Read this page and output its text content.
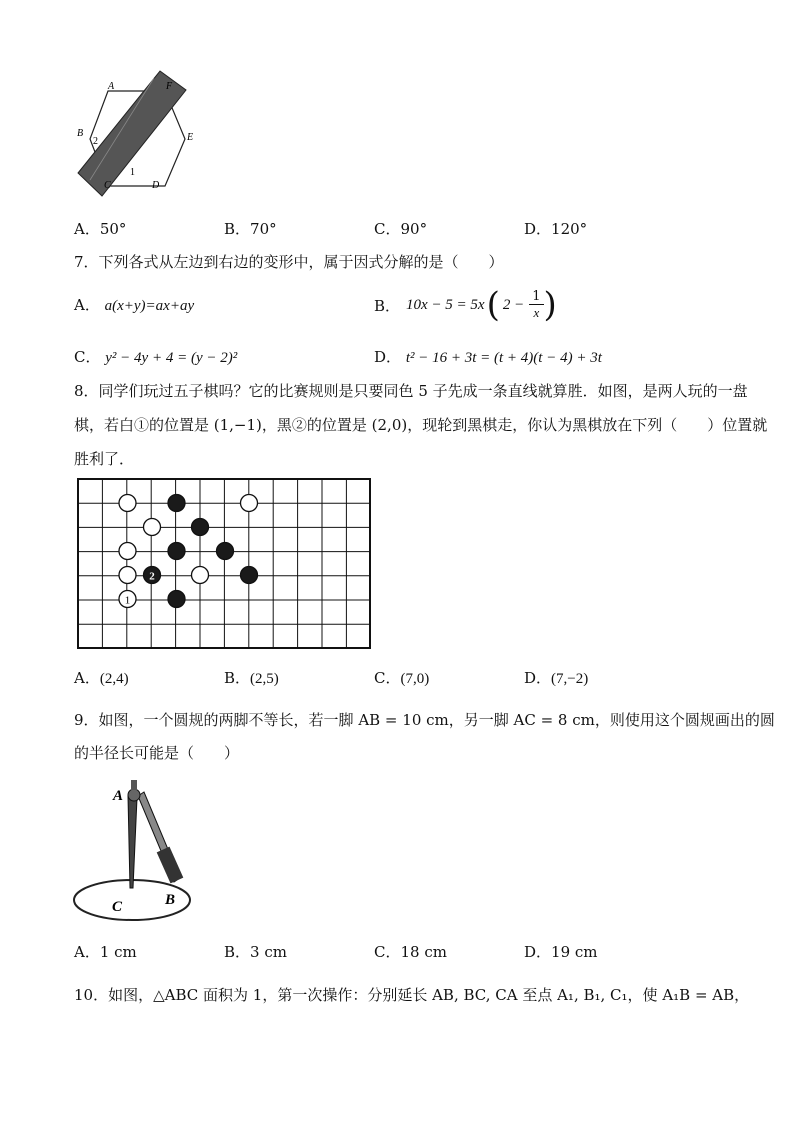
A	F
B
2	E
1
C	D
A．50°	B．70°	C．90°	D．120°
7．下列各式从左边到右边的变形中，属于因式分解的是（　　）
A． a(x+y)=ax+ay	B． 10x − 5 = 5x ( $2 - \frac{1}{x}$ )
C． y² − 4y + 4 = (y − 2)²	D． t² − 16 + 3t = (t + 4)(t − 4) + 3t
8．同学们玩过五子棋吗？它的比赛规则是只要同色 5 子先成一条直线就算胜．如图，是两人玩的一盘
棋，若白①的位置是 (1,−1)，黑②的位置是 (2,0)，现轮到黑棋走，你认为黑棋放在下列（　　）位置就
胜利了．
1
2
A．(2,4)	B．(2,5)	C．(7,0)	D．(7,−2)
9．如图，一个圆规的两脚不等长，若一脚 AB = 10 cm，另一脚 AC = 8 cm，则使用这个圆规画出的圆
的半径长可能是（　　）
A
C	B
A．1 cm	B．3 cm	C．18 cm	D．19 cm
10．如图，△ABC 面积为 1，第一次操作：分别延长 AB, BC, CA 至点 A₁, B₁, C₁，使 A₁B = AB，
